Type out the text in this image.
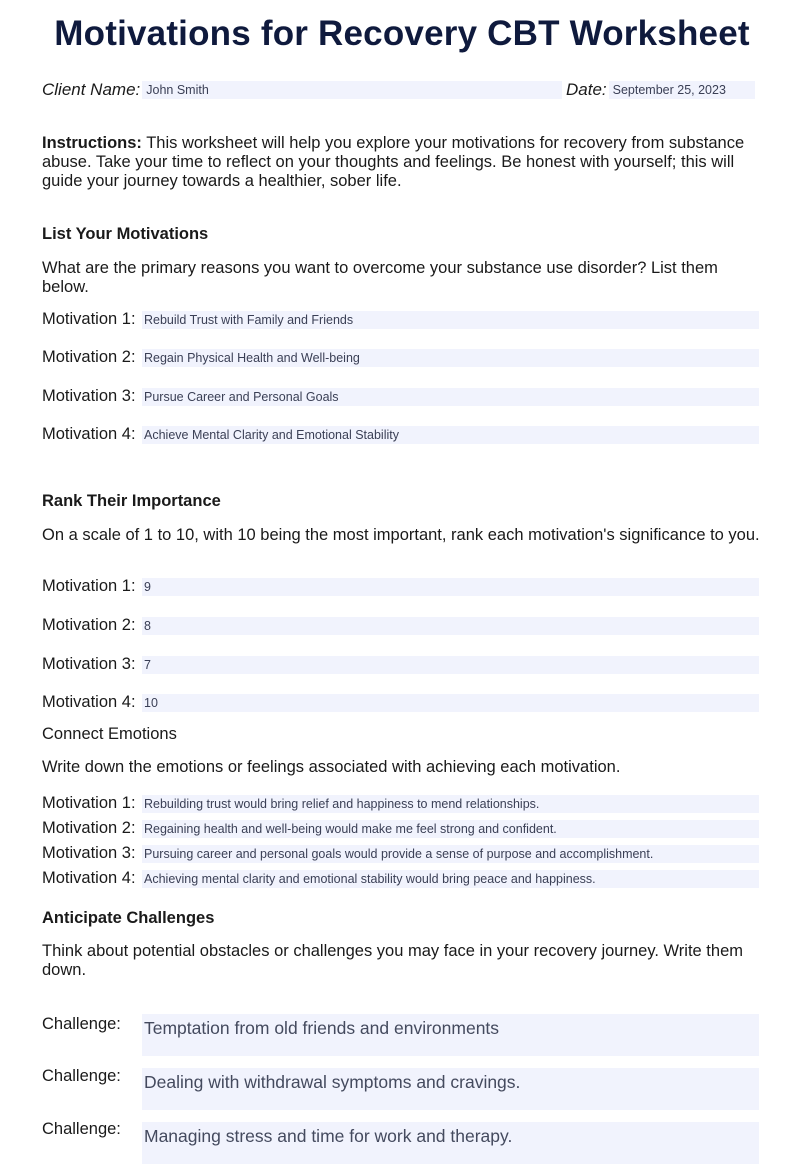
Motivations for Recovery CBT Worksheet
Client Name: John Smith	Date: September 25, 2023
Instructions: This worksheet will help you explore your motivations for recovery from substance abuse. Take your time to reflect on your thoughts and feelings. Be honest with yourself; this will guide your journey towards a healthier, sober life.
List Your Motivations
What are the primary reasons you want to overcome your substance use disorder? List them below.
Motivation 1: Rebuild Trust with Family and Friends
Motivation 2: Regain Physical Health and Well-being
Motivation 3: Pursue Career and Personal Goals
Motivation 4: Achieve Mental Clarity and Emotional Stability
Rank Their Importance
On a scale of 1 to 10, with 10 being the most important, rank each motivation's significance to you.
Motivation 1: 9
Motivation 2: 8
Motivation 3: 7
Motivation 4: 10
Connect Emotions
Write down the emotions or feelings associated with achieving each motivation.
Motivation 1: Rebuilding trust would bring relief and happiness to mend relationships.
Motivation 2: Regaining health and well-being would make me feel strong and confident.
Motivation 3: Pursuing career and personal goals would provide a sense of purpose and accomplishment.
Motivation 4: Achieving mental clarity and emotional stability would bring peace and happiness.
Anticipate Challenges
Think about potential obstacles or challenges you may face in your recovery journey. Write them down.
Challenge: Temptation from old friends and environments
Challenge: Dealing with withdrawal symptoms and cravings.
Challenge: Managing stress and time for work and therapy.
